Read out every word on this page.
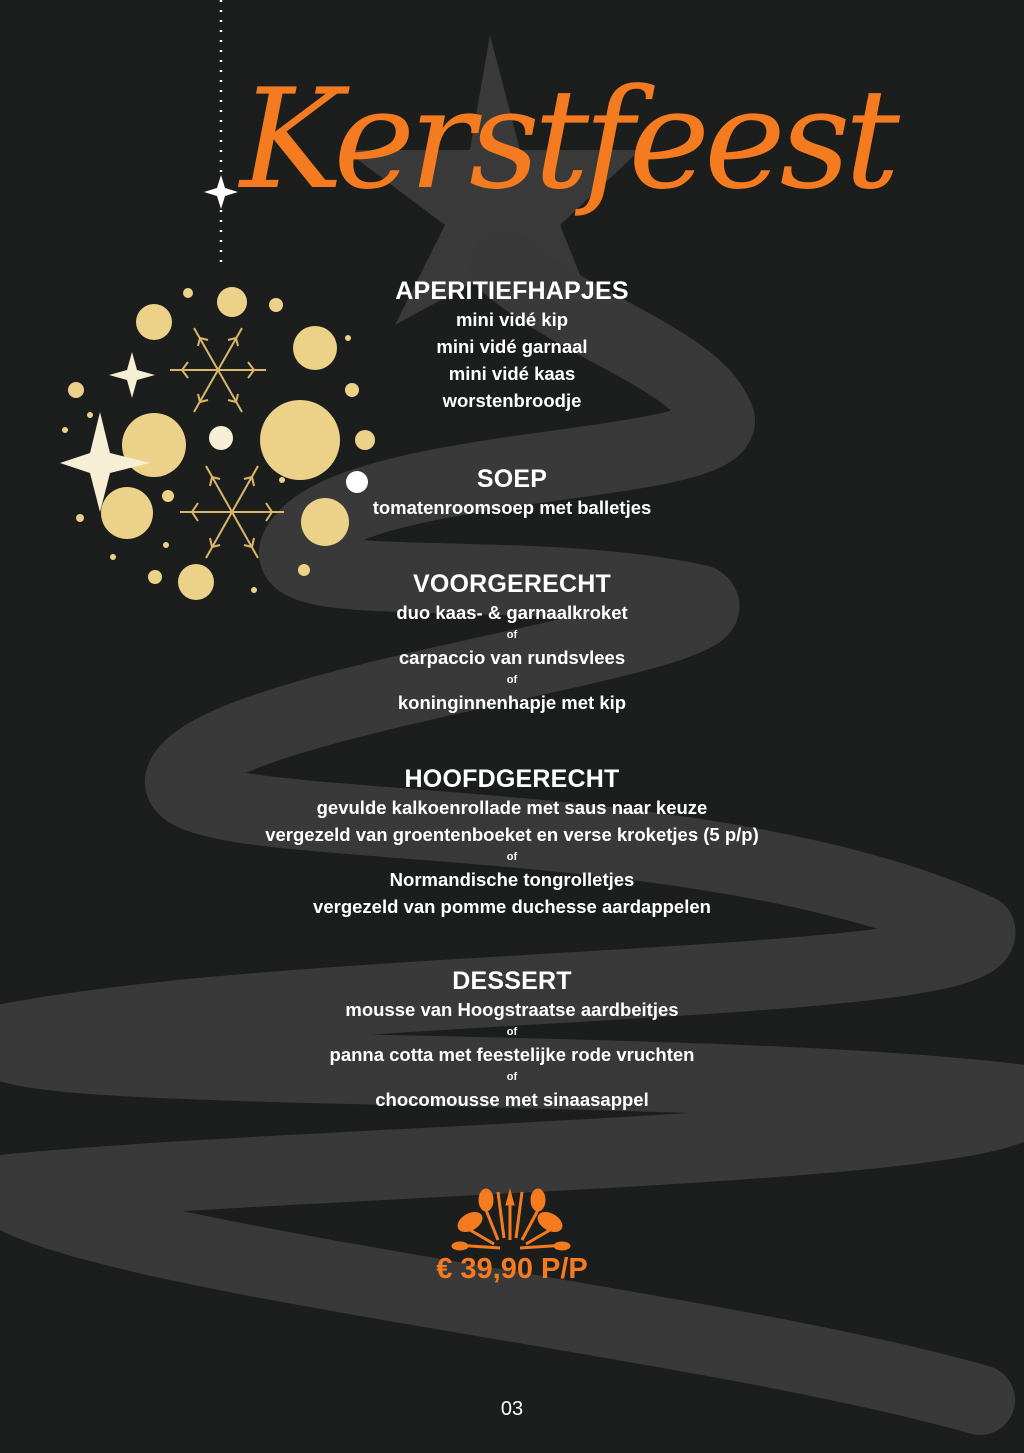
Kerstfeest
APERITIEFHAPJES
mini vidé kip
mini vidé garnaal
mini vidé kaas
worstenbroodje
SOEP
tomatenroomsoep met balletjes
VOORGERECHT
duo kaas- & garnaalkroket
of
carpaccio van rundsvlees
of
koninginnenhapje met kip
HOOFDGERECHT
gevulde kalkoenrollade met saus naar keuze
vergezeld van groentenboeket en verse kroketjes (5 p/p)
of
Normandische tongrolletjes
vergezeld van pomme duchesse aardappelen
DESSERT
mousse van Hoogstraatse aardbeitjes
of
panna cotta met feestelijke rode vruchten
of
chocomousse met sinaasappel
€ 39,90 P/P
03
